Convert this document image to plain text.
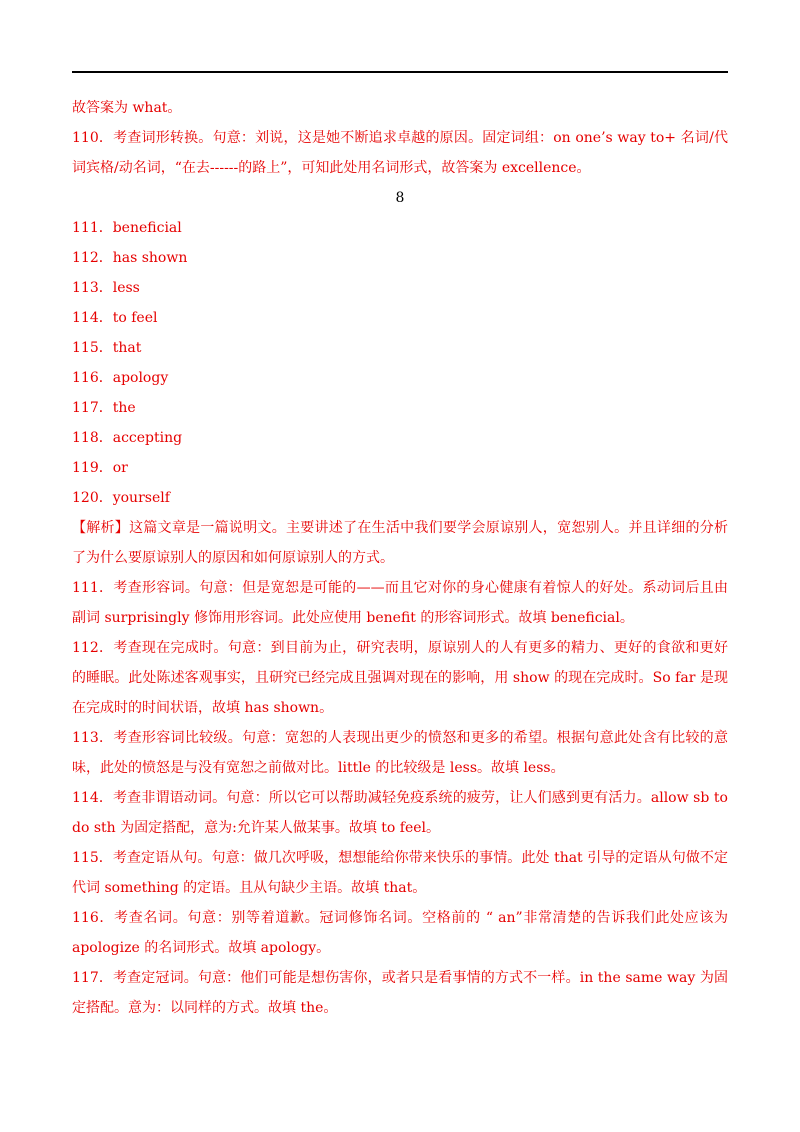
故答案为 what。

110．考查词形转换。句意：刘说，这是她不断追求卓越的原因。固定词组：on one’s way to+ 名词/代词宾格/动名词，“在去------的路上”，可知此处用名词形式，故答案为 excellence。

8

111．beneficial

112．has shown

113．less

114．to feel

115．that

116．apology

117．the

118．accepting

119．or

120．yourself

【解析】这篇文章是一篇说明文。主要讲述了在生活中我们要学会原谅别人，宽恕别人。并且详细的分析了为什么要原谅别人的原因和如何原谅别人的方式。

111．考查形容词。句意：但是宽恕是可能的——而且它对你的身心健康有着惊人的好处。系动词后且由副词 surprisingly 修饰用形容词。此处应使用 benefit 的形容词形式。故填 beneficial。

112．考查现在完成时。句意：到目前为止，研究表明，原谅别人的人有更多的精力、更好的食欲和更好的睡眠。此处陈述客观事实，且研究已经完成且强调对现在的影响，用 show 的现在完成时。So far 是现在完成时的时间状语，故填 has shown。

113．考查形容词比较级。句意：宽恕的人表现出更少的愤怒和更多的希望。根据句意此处含有比较的意味，此处的愤怒是与没有宽恕之前做对比。little 的比较级是 less。故填 less。

114．考查非谓语动词。句意：所以它可以帮助减轻免疫系统的疲劳，让人们感到更有活力。allow sb to do sth 为固定搭配，意为:允许某人做某事。故填 to feel。

115．考查定语从句。句意：做几次呼吸，想想能给你带来快乐的事情。此处 that 引导的定语从句做不定代词 something 的定语。且从句缺少主语。故填 that。

116．考查名词。句意：别等着道歉。冠词修饰名词。空格前的 “ an”非常清楚的告诉我们此处应该为 apologize 的名词形式。故填 apology。

117．考查定冠词。句意：他们可能是想伤害你，或者只是看事情的方式不一样。in the same way 为固定搭配。意为：以同样的方式。故填 the。
